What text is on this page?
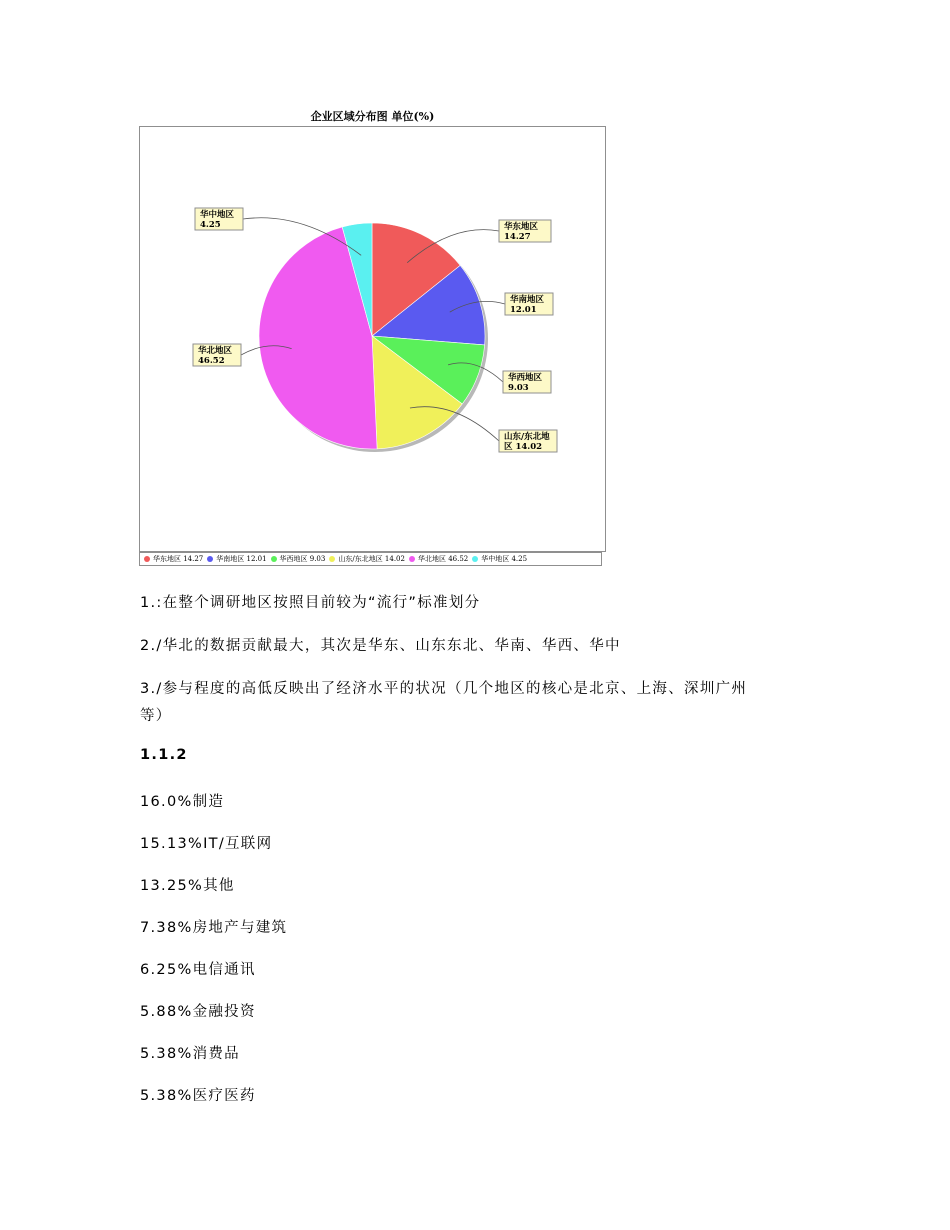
企业区域分布图 单位(%)
华东地区
14.27
华南地区
12.01
华西地区
9.03
山东/东北地
区 14.02
华北地区
46.52
华中地区
4.25
华东地区 14.27 华南地区 12.01 华西地区 9.03 山东/东北地区 14.02 华北地区 46.52 华中地区 4.25
1.:在整个调研地区按照目前较为“流行”标准划分
2./华北的数据贡献最大，其次是华东、山东东北、华南、华西、华中
3./参与程度的高低反映出了经济水平的状况（几个地区的核心是北京、上海、深圳广州
等）
1.1.2
16.0%制造
15.13%IT/互联网
13.25%其他
7.38%房地产与建筑
6.25%电信通讯
5.88%金融投资
5.38%消费品
5.38%医疗医药
